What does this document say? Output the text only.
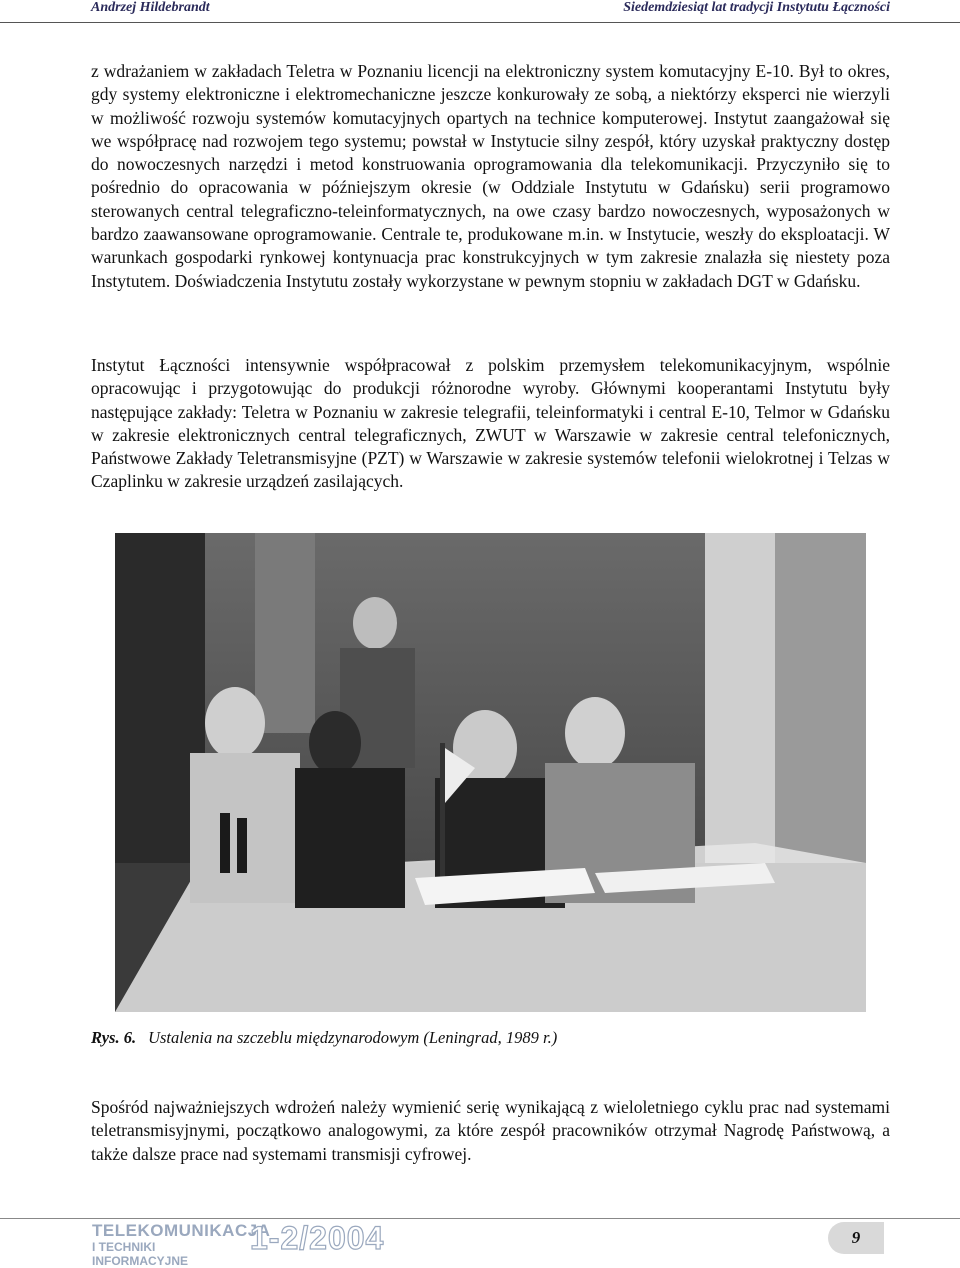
Andrzej Hildebrandt	Siedemdziesiąt lat tradycji Instytutu Łączności

z wdrażaniem w zakładach Teletra w Poznaniu licencji na elektroniczny system komutacyjny E-10. Był to okres, gdy systemy elektroniczne i elektromechaniczne jeszcze konkurowały ze sobą, a niektórzy eksperci nie wierzyli w możliwość rozwoju systemów komutacyjnych opartych na technice komputerowej. Instytut zaangażował się we współpracę nad rozwojem tego systemu; powstał w Instytucie silny zespół, który uzyskał praktyczny dostęp do nowoczesnych narzędzi i metod konstruowania oprogramowania dla telekomunikacji. Przyczyniło się to pośrednio do opracowania w późniejszym okresie (w Oddziale Instytutu w Gdańsku) serii programowo sterowanych central telegraficzno-teleinformatycznych, na owe czasy bardzo nowoczesnych, wyposażonych w bardzo zaawansowane oprogramowanie. Centrale te, produkowane m.in. w Instytucie, weszły do eksploatacji. W warunkach gospodarki rynkowej kontynuacja prac konstrukcyjnych w tym zakresie znalazła się niestety poza Instytutem. Doświadczenia Instytutu zostały wykorzystane w pewnym stopniu w zakładach DGT w Gdańsku.

Instytut Łączności intensywnie współpracował z polskim przemysłem telekomunikacyjnym, wspólnie opracowując i przygotowując do produkcji różnorodne wyroby. Głównymi kooperantami Instytutu były następujące zakłady: Teletra w Poznaniu w zakresie telegrafii, teleinformatyki i central E-10, Telmor w Gdańsku w zakresie elektronicznych central telegraficznych, ZWUT w Warszawie w zakresie central telefonicznych, Państwowe Zakłady Teletransmisyjne (PZT) w Warszawie w zakresie systemów telefonii wielokrotnej i Telzas w Czaplinku w zakresie urządzeń zasilających.

Rys. 6. Ustalenia na szczeblu międzynarodowym (Leningrad, 1989 r.)

Spośród najważniejszych wdrożeń należy wymienić serię wynikającą z wieloletniego cyklu prac nad systemami teletransmisyjnymi, początkowo analogowymi, za które zespół pracowników otrzymał Nagrodę Państwową, a także dalsze prace nad systemami transmisji cyfrowej.

TELEKOMUNIKACJA
I TECHNIKI INFORMACYJNE
1-2/2004	9
